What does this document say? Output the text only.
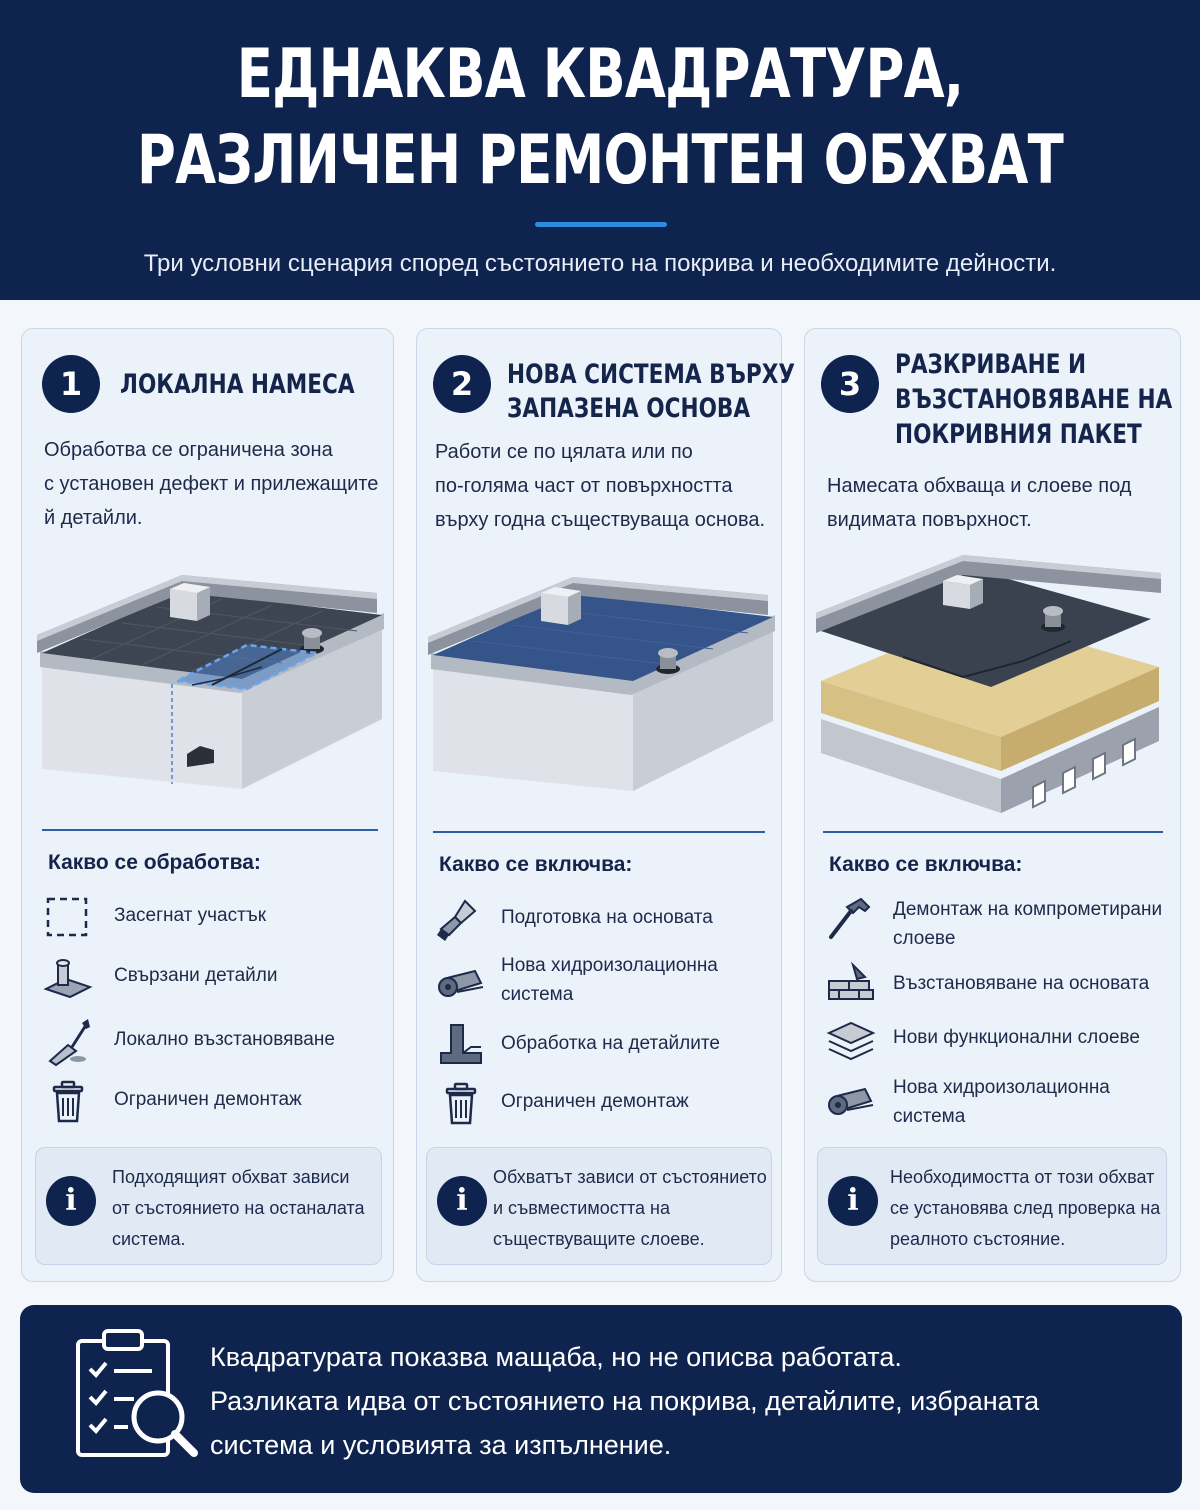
ЕДНАКВА КВАДРАТУРА,
РАЗЛИЧЕН РЕМОНТЕН ОБХВАТ
Три условни сценария според състоянието на покрива и необходимите дейности.
1	ЛОКАЛНА НАМЕСА
Обработва се ограничена зона
с установен дефект и прилежащите
й детайли.
Какво се обработва:
Засегнат участък
Свързани детайли
Локално възстановяване
Ограничен демонтаж
i
Подходящият обхват зависи
от състоянието на останалата
система.
2	НОВА СИСТЕМА ВЪРХУ
ЗАПАЗЕНА ОСНОВА
Работи се по цялата или по
по-голяма част от повърхността
върху годна съществуваща основа.
Какво се включва:
Подготовка на основата
Нова хидроизолационна
система
Обработка на детайлите
Ограничен демонтаж
i
Обхватът зависи от състоянието
и съвместимостта на
съществуващите слоеве.
3
РАЗКРИВАНЕ И
ВЪЗСТАНОВЯВАНЕ НА
ПОКРИВНИЯ ПАКЕТ
Намесата обхваща и слоеве под
видимата повърхност.
Какво се включва:
Демонтаж на компрометирани
слоеве
Възстановяване на основата
Нови функционални слоеве
Нова хидроизолационна
система
i
Необходимостта от този обхват
се установява след проверка на
реалното състояние.
Квадратурата показва мащаба, но не описва работата.
Разликата идва от състоянието на покрива, детайлите, избраната
система и условията за изпълнение.
